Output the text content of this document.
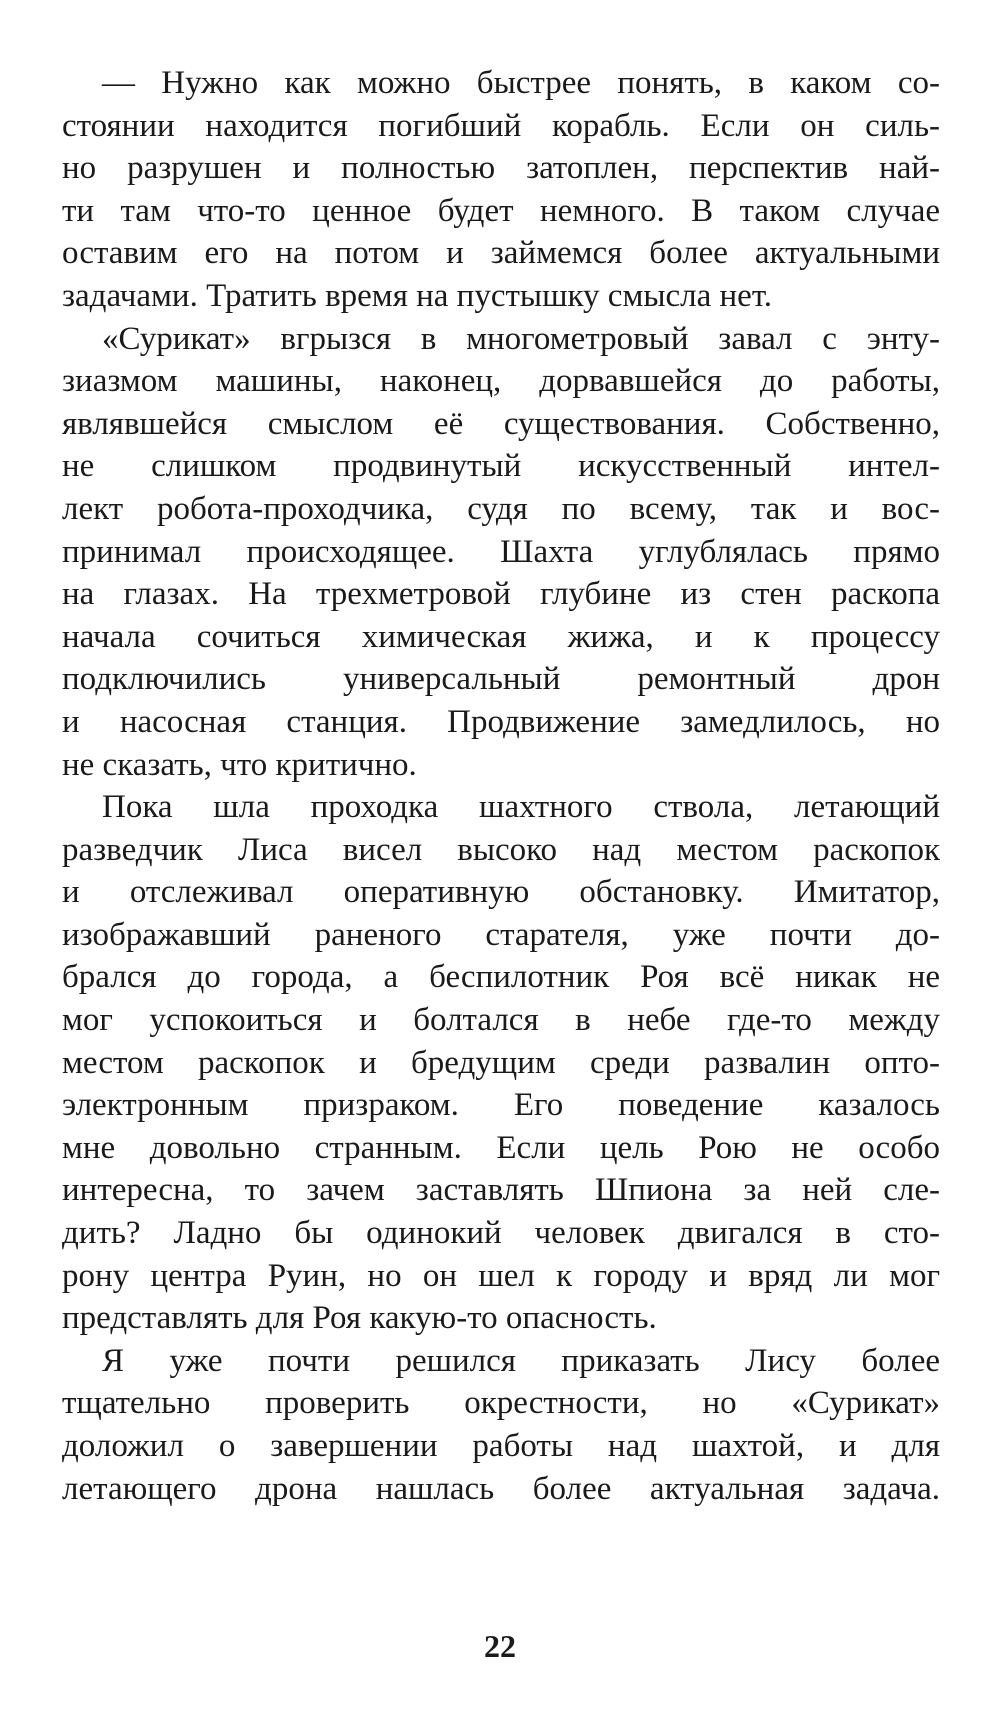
— Нужно как можно быстрее понять, в каком со-
стоянии находится погибший корабль. Если он силь-
но разрушен и полностью затоплен, перспектив най-
ти там что-то ценное будет немного. В таком случае
оставим его на потом и займемся более актуальными
задачами. Тратить время на пустышку смысла нет.
«Сурикат» вгрызся в многометровый завал с энту-
зиазмом машины, наконец, дорвавшейся до работы,
являвшейся смыслом её существования. Собственно,
не слишком продвинутый искусственный интел-
лект робота-проходчика, судя по всему, так и вос-
принимал происходящее. Шахта углублялась прямо
на глазах. На трехметровой глубине из стен раскопа
начала сочиться химическая жижа, и к процессу
подключились универсальный ремонтный дрон
и насосная станция. Продвижение замедлилось, но
не сказать, что критично.
Пока шла проходка шахтного ствола, летающий
разведчик Лиса висел высоко над местом раскопок
и отслеживал оперативную обстановку. Имитатор,
изображавший раненого старателя, уже почти до-
брался до города, а беспилотник Роя всё никак не
мог успокоиться и болтался в небе где-то между
местом раскопок и бредущим среди развалин опто-
электронным призраком. Его поведение казалось
мне довольно странным. Если цель Рою не особо
интересна, то зачем заставлять Шпиона за ней сле-
дить? Ладно бы одинокий человек двигался в сто-
рону центра Руин, но он шел к городу и вряд ли мог
представлять для Роя какую-то опасность.
Я уже почти решился приказать Лису более
тщательно проверить окрестности, но «Сурикат»
доложил о завершении работы над шахтой, и для
летающего дрона нашлась более актуальная задача.
22
